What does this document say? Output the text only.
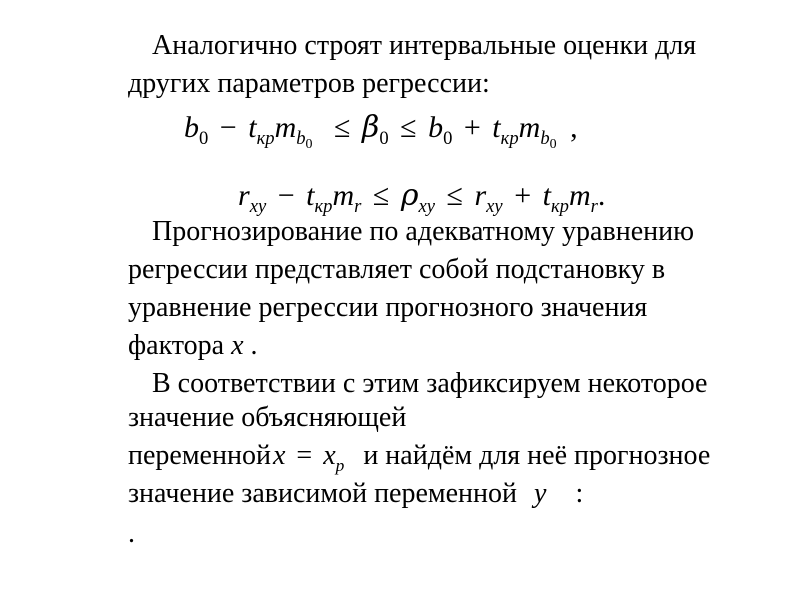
Аналогично строят интервальные оценки для
других параметров регрессии:
$b_0 - t_{кр}m_{b0} \le \beta_0 \le b_0 + t_{кр}m_{b0}$ ,
$r_{xy} - t_{кр}m_r \le \rho_{xy} \le r_{xy} + t_{кр}m_r$.
Прогнозирование по адекватному уравнению
регрессии представляет собой подстановку в
уравнение регрессии прогнозного значения
фактора x .
В соответствии с этим зафиксируем некоторое
значение объясняющей
переменнойx = $x_p$ и найдём для неё прогнозное
значение зависимой переменной y :
.
